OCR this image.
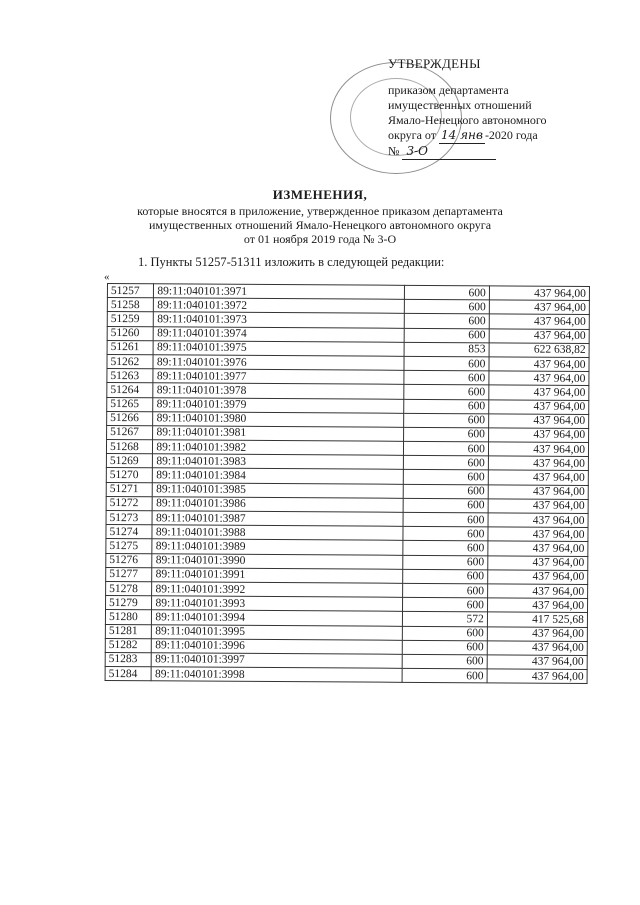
УТВЕРЖДЕНЫ
приказом департамента
имущественных отношений
Ямало-Ненецкого автономного
округа от 14 янв -2020 года
№ 3-О
ИЗМЕНЕНИЯ,
которые вносятся в приложение, утвержденное приказом департамента
имущественных отношений Ямало-Ненецкого автономного округа
от 01 ноября 2019 года № 3-О
1. Пункты 51257-51311 изложить в следующей редакции:
«
51257	89:11:040101:3971	600	437 964,00
51258	89:11:040101:3972	600	437 964,00
51259	89:11:040101:3973	600	437 964,00
51260	89:11:040101:3974	600	437 964,00
51261	89:11:040101:3975	853	622 638,82
51262	89:11:040101:3976	600	437 964,00
51263	89:11:040101:3977	600	437 964,00
51264	89:11:040101:3978	600	437 964,00
51265	89:11:040101:3979	600	437 964,00
51266	89:11:040101:3980	600	437 964,00
51267	89:11:040101:3981	600	437 964,00
51268	89:11:040101:3982	600	437 964,00
51269	89:11:040101:3983	600	437 964,00
51270	89:11:040101:3984	600	437 964,00
51271	89:11:040101:3985	600	437 964,00
51272	89:11:040101:3986	600	437 964,00
51273	89:11:040101:3987	600	437 964,00
51274	89:11:040101:3988	600	437 964,00
51275	89:11:040101:3989	600	437 964,00
51276	89:11:040101:3990	600	437 964,00
51277	89:11:040101:3991	600	437 964,00
51278	89:11:040101:3992	600	437 964,00
51279	89:11:040101:3993	600	437 964,00
51280	89:11:040101:3994	572	417 525,68
51281	89:11:040101:3995	600	437 964,00
51282	89:11:040101:3996	600	437 964,00
51283	89:11:040101:3997	600	437 964,00
51284	89:11:040101:3998	600	437 964,00
